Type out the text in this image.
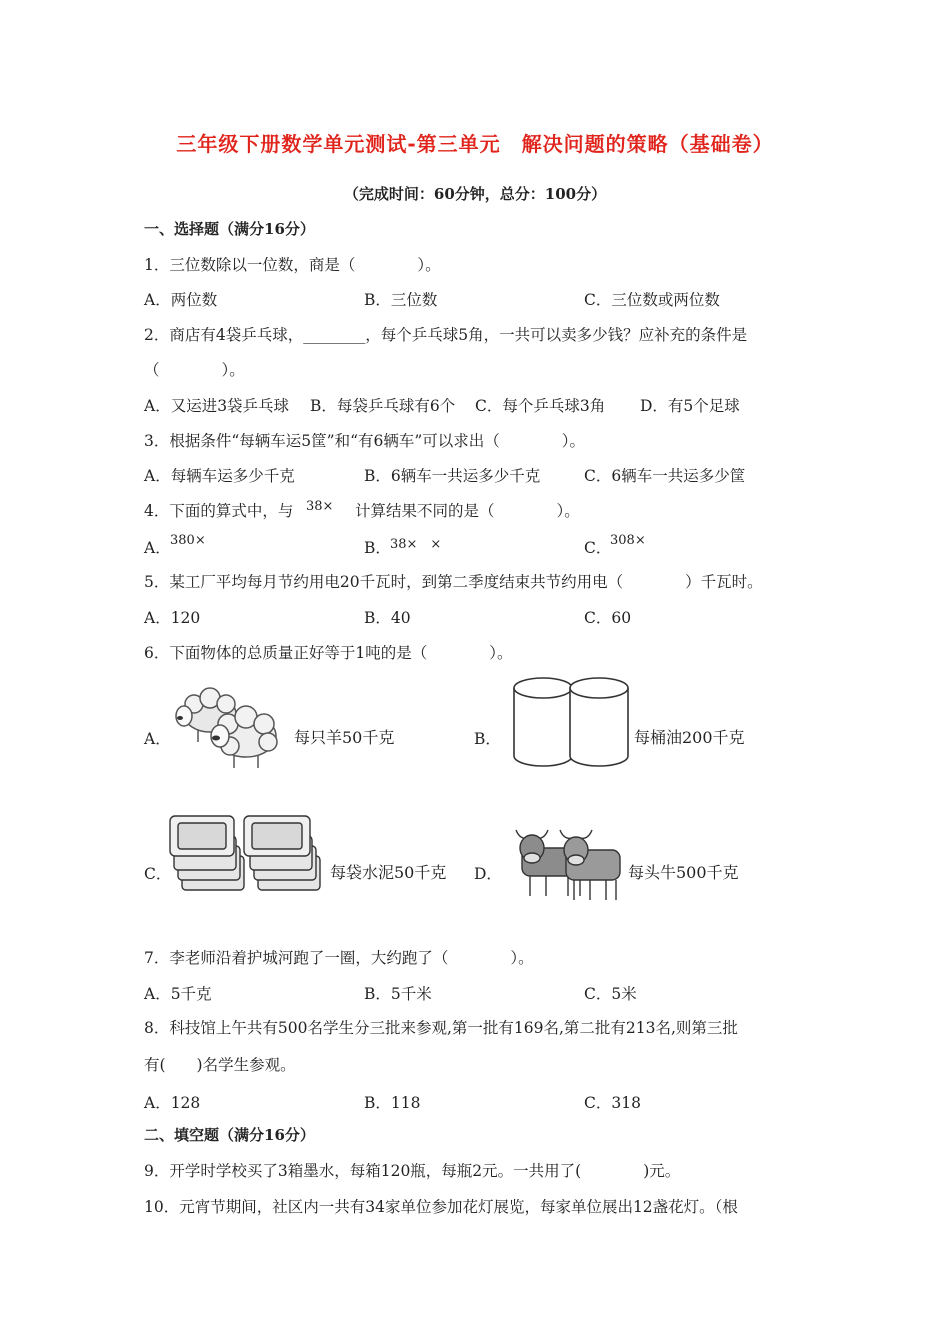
三年级下册数学单元测试-第三单元　解决问题的策略（基础卷）
（完成时间：60分钟，总分：100分）
一、选择题（满分16分）
1．三位数除以一位数，商是（　　　　）。
A．两位数	B．三位数	C．三位数或两位数
2．商店有4袋乒乓球，________，每个乒乓球5角，一共可以卖多少钱？应补充的条件是
（　　　　）。
A．又运进3袋乒乓球 B．每袋乒乓球有6个 C．每个乒乓球3角 D．有5个足球
3．根据条件“每辆车运5筐”和“有6辆车”可以求出（　　　　）。
A．每辆车运多少千克	B．6辆车一共运多少千克	C．6辆车一共运多少筐
4．下面的算式中，与 38× 计算结果不同的是（　　　　）。
A． 380×	B． 38×　×	C．
308×
5．某工厂平均每月节约用电20千瓦时，到第二季度结束共节约用电（　　　　）千瓦时。
A．120	B．40	C．60
6．下面物体的总质量正好等于1吨的是（　　　　）。
A．	每只羊50千克	B．	每桶油200千克
C．	每袋水泥50千克 D．	每头牛500千克
7．李老师沿着护城河跑了一圈，大约跑了（　　　　）。
A．5千克	B．5千米	C．5米
8．科技馆上午共有500名学生分三批来参观,第一批有169名,第二批有213名,则第三批
有(　　)名学生参观。
A．128	B．118	C．318
二、填空题（满分16分）
9．开学时学校买了3箱墨水，每箱120瓶，每瓶2元。一共用了(　　　　)元。
10．元宵节期间，社区内一共有34家单位参加花灯展览，每家单位展出12盏花灯。（根
